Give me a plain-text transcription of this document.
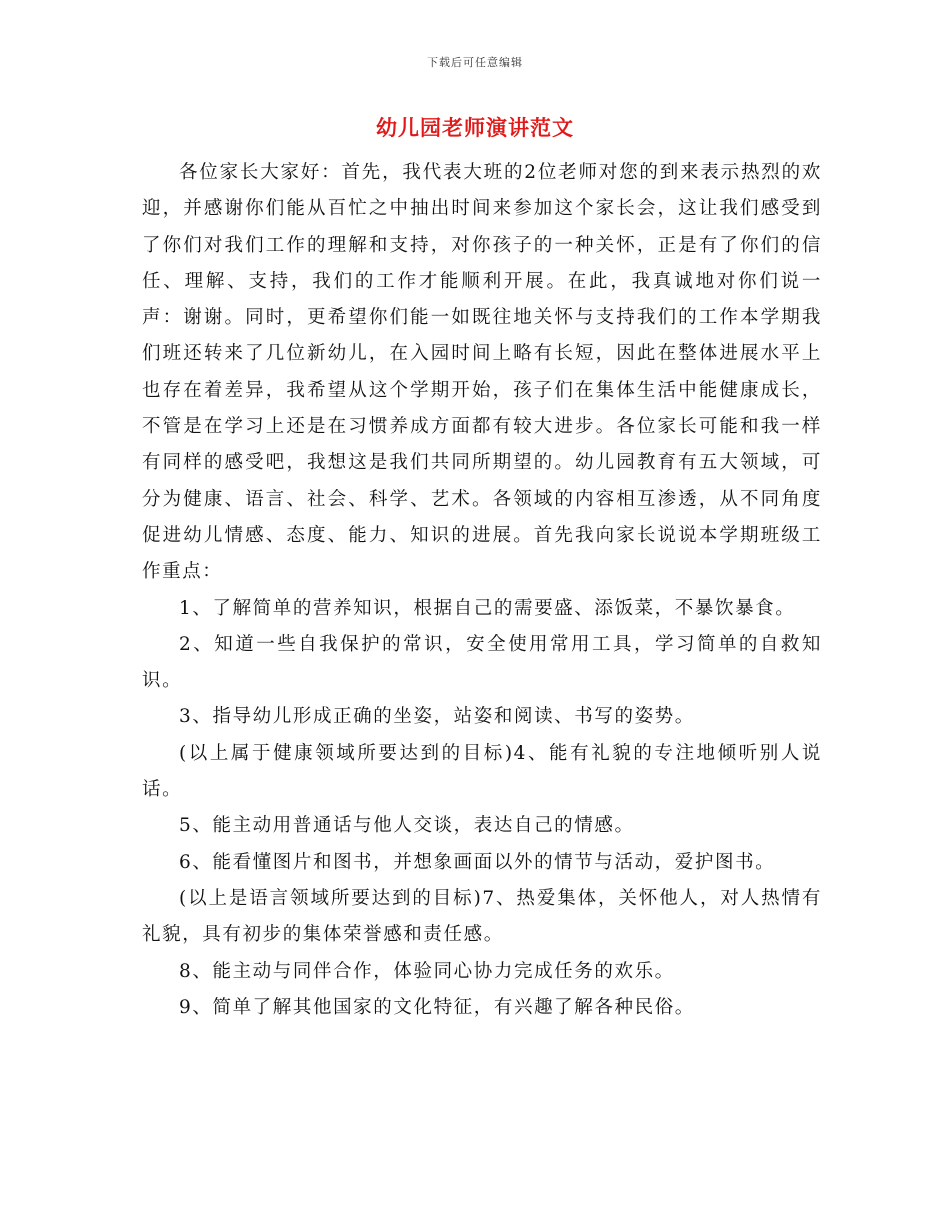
下载后可任意编辑
幼儿园老师演讲范文

各位家长大家好：首先，我代表大班的2位老师对您的到来表示热烈的欢迎，并感谢你们能从百忙之中抽出时间来参加这个家长会，这让我们感受到了你们对我们工作的理解和支持，对你孩子的一种关怀，正是有了你们的信任、理解、支持，我们的工作才能顺利开展。在此，我真诚地对你们说一声：谢谢。同时，更希望你们能一如既往地关怀与支持我们的工作本学期我们班还转来了几位新幼儿，在入园时间上略有长短，因此在整体进展水平上也存在着差异，我希望从这个学期开始，孩子们在集体生活中能健康成长，不管是在学习上还是在习惯养成方面都有较大进步。各位家长可能和我一样有同样的感受吧，我想这是我们共同所期望的。幼儿园教育有五大领域，可分为健康、语言、社会、科学、艺术。各领域的内容相互渗透，从不同角度促进幼儿情感、态度、能力、知识的进展。首先我向家长说说本学期班级工作重点：

1、了解简单的营养知识，根据自己的需要盛、添饭菜，不暴饮暴食。

2、知道一些自我保护的常识，安全使用常用工具，学习简单的自救知识。

3、指导幼儿形成正确的坐姿，站姿和阅读、书写的姿势。

(以上属于健康领域所要达到的目标)4、能有礼貌的专注地倾听别人说话。

5、能主动用普通话与他人交谈，表达自己的情感。

6、能看懂图片和图书，并想象画面以外的情节与活动，爱护图书。

(以上是语言领域所要达到的目标)7、热爱集体，关怀他人，对人热情有礼貌，具有初步的集体荣誉感和责任感。

8、能主动与同伴合作，体验同心协力完成任务的欢乐。

9、简单了解其他国家的文化特征，有兴趣了解各种民俗。
